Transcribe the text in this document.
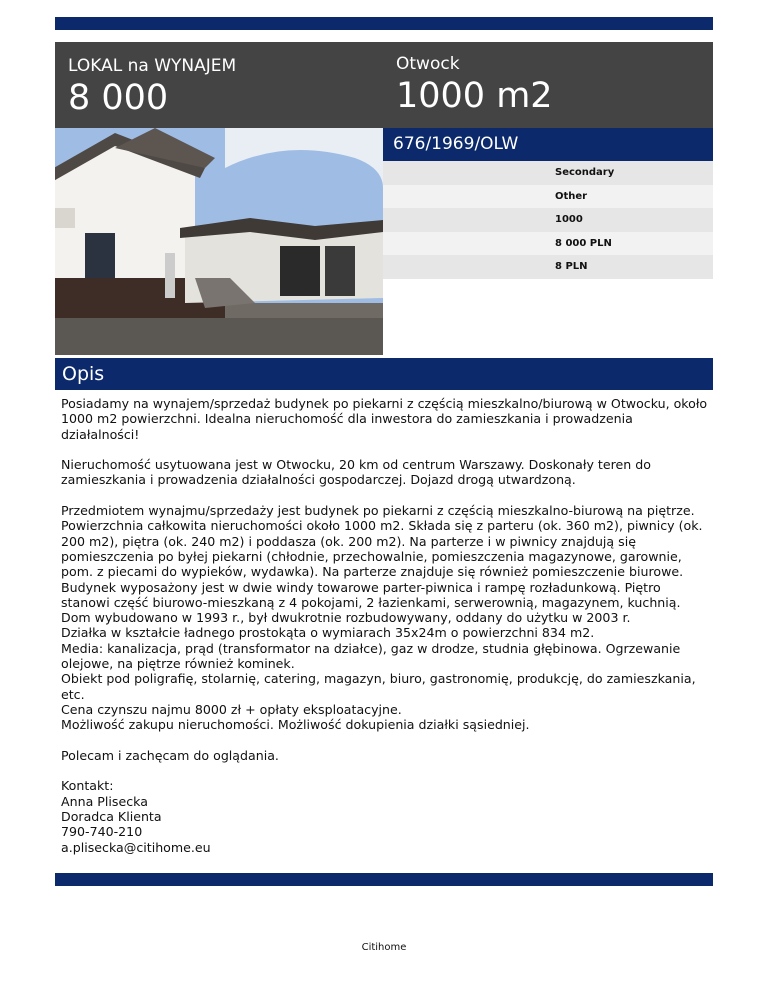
LOKAL na WYNAJEM
8 000
Otwock
1000 m2
676/1969/OLW
Secondary
Other
1000
8 000 PLN
8 PLN
Opis

Posiadamy na wynajem/sprzedaż budynek po piekarni z częścią mieszkalno/biurową w Otwocku, około 1000 m2 powierzchni. Idealna nieruchomość dla inwestora do zamieszkania i prowadzenia działalności!

Nieruchomość usytuowana jest w Otwocku, 20 km od centrum Warszawy. Doskonały teren do zamieszkania i prowadzenia działalności gospodarczej. Dojazd drogą utwardzoną.

Przedmiotem wynajmu/sprzedaży jest budynek po piekarni z częścią mieszkalno-biurową na piętrze. Powierzchnia całkowita nieruchomości około 1000 m2. Składa się z parteru (ok. 360 m2), piwnicy (ok. 200 m2), piętra (ok. 240 m2) i poddasza (ok. 200 m2). Na parterze i w piwnicy znajdują się pomieszczenia po byłej piekarni (chłodnie, przechowalnie, pomieszczenia magazynowe, garownie, pom. z piecami do wypieków, wydawka). Na parterze znajduje się również pomieszczenie biurowe. Budynek wyposażony jest w dwie windy towarowe parter-piwnica i rampę rozładunkową. Piętro stanowi część biurowo-mieszkaną z 4 pokojami, 2 łazienkami, serwerownią, magazynem, kuchnią.
Dom wybudowano w 1993 r., był dwukrotnie rozbudowywany, oddany do użytku w 2003 r.
Działka w kształcie ładnego prostokąta o wymiarach 35x24m o powierzchni 834 m2.
Media: kanalizacja, prąd (transformator na działce), gaz w drodze, studnia głębinowa. Ogrzewanie olejowe, na piętrze również kominek.
Obiekt pod poligrafię, stolarnię, catering, magazyn, biuro, gastronomię, produkcję, do zamieszkania, etc.
Cena czynszu najmu 8000 zł + opłaty eksploatacyjne.
Możliwość zakupu nieruchomości. Możliwość dokupienia działki sąsiedniej.

Polecam i zachęcam do oglądania.

Kontakt:
Anna Plisecka
Doradca Klienta
790-740-210
a.plisecka@citihome.eu

Citihome
